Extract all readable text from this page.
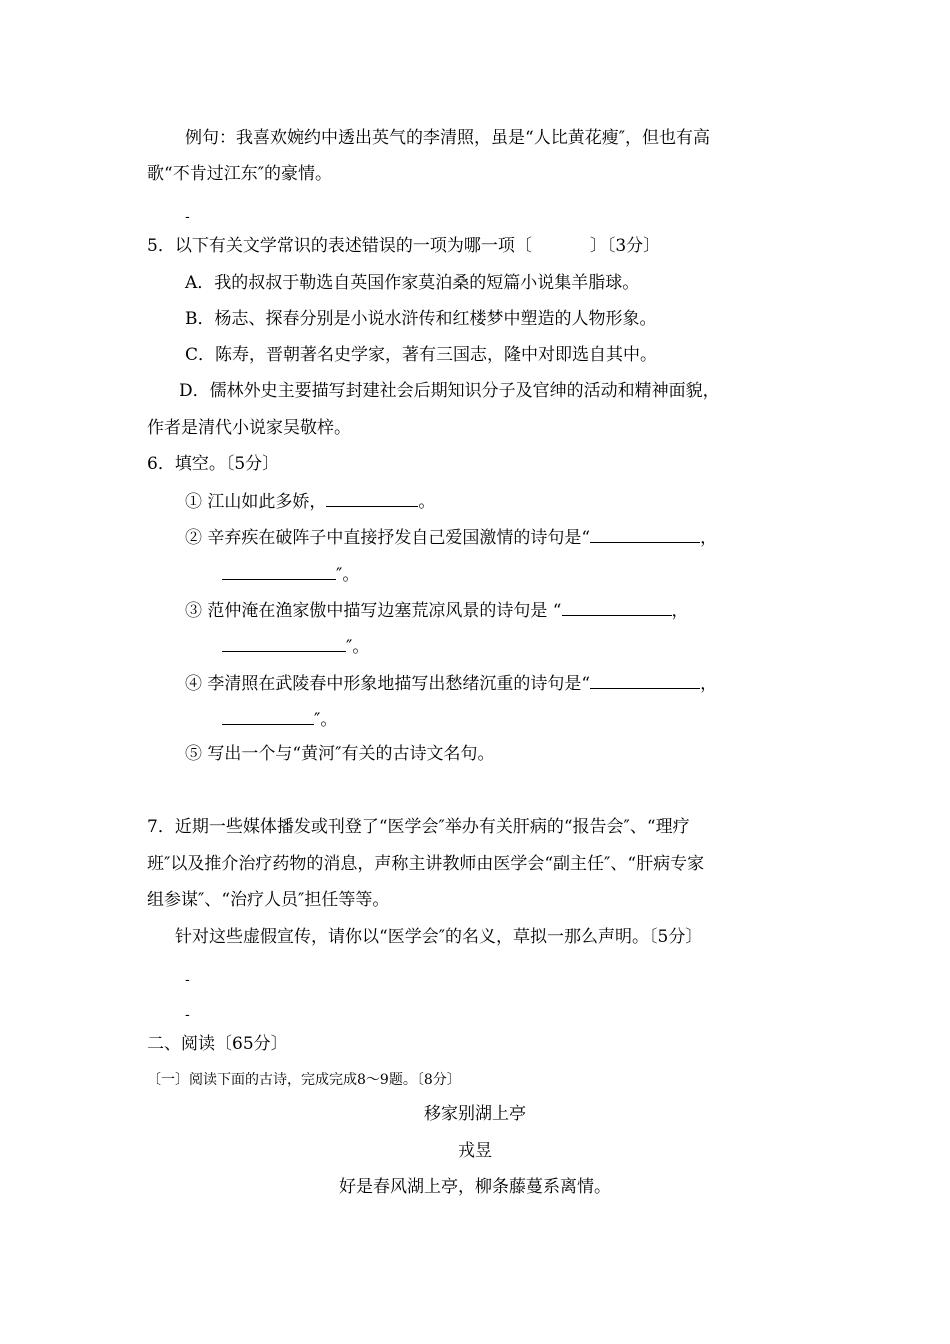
例句：我喜欢婉约中透出英气的李清照，虽是“人比黄花瘦″，但也有高
歌“不肯过江东″的豪情。
-
5．以下有关文学常识的表述错误的一项为哪一项〔	〕〔3分〕
A．我的叔叔于勒选自英国作家莫泊桑的短篇小说集羊脂球。
B．杨志、探春分别是小说水浒传和红楼梦中塑造的人物形象。
C．陈寿，晋朝著名史学家，著有三国志，隆中对即选自其中。
D．儒林外史主要描写封建社会后期知识分子及官绅的活动和精神面貌，
作者是清代小说家吴敬梓。
6．填空。〔5分〕
① 江山如此多娇，	。
② 辛弃疾在破阵子中直接抒发自己爱国激情的诗句是“	，
″。
③ 范仲淹在渔家傲中描写边塞荒凉风景的诗句是 “	，
″。
④ 李清照在武陵春中形象地描写出愁绪沉重的诗句是“	，
″。
⑤ 写出一个与“黄河″有关的古诗文名句。
7．近期一些媒体播发或刊登了“医学会″举办有关肝病的“报告会″、“理疗
班″以及推介治疗药物的消息，声称主讲教师由医学会“副主任″、“肝病专家
组参谋″、“治疗人员″担任等等。
针对这些虚假宣传，请你以“医学会″的名义，草拟一那么声明。〔5分〕
-
-
二、阅读〔65分〕
〔一〕阅读下面的古诗，完成完成8～9题。〔8分〕
移家别湖上亭
戎昱
好是春风湖上亭，柳条藤蔓系离情。
